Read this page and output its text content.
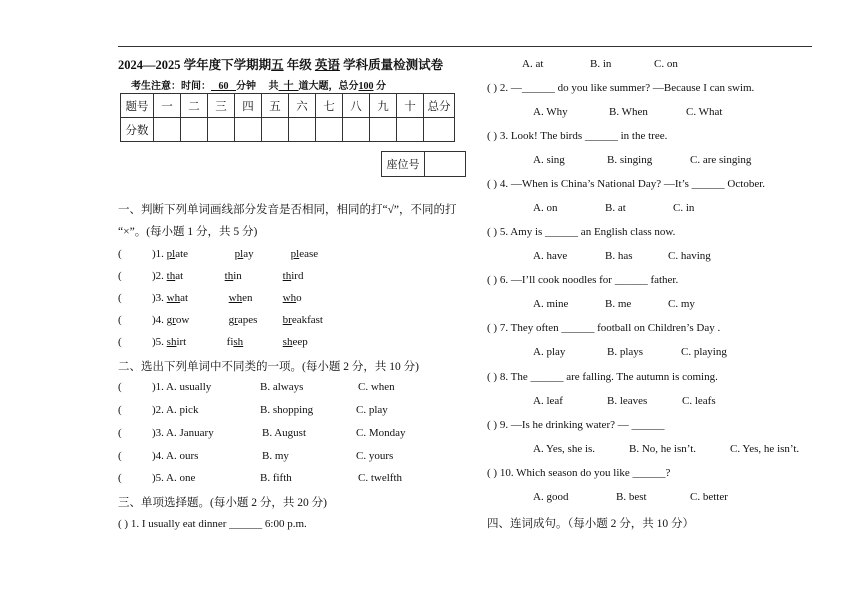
2024—2025 学年度下学期期五 年级 英语 学科质量检测试卷
考生注意：时间： 60 分钟 共 十 道大题，总分100 分
题号	一	二	三	四	五	六	七	八	九	十	总分
分数											
座位号	
一、判断下列单词画线部分发音是否相同，相同的打“√”，不同的打
“×”。(每小题 1 分，共 5 分)
(	)1. plate	play	please
(	)2. that	thin	third
(	)3. what	when	who
(	)4. grow	grapes breakfast
(	)5. shirt	fish	sheep
二、选出下列单词中不同类的一项。(每小题 2 分，共 10 分)
(	)1. A. usually	B. always	C. when
(	)2. A. pick	B. shopping	C. play
(	)3. A. January	B. August	C. Monday
(	)4. A. ours	B. my	C. yours
(	)5. A. one	B. fifth	C. twelfth
三、单项选择题。(每小题 2 分，共 20 分)
( ) 1. I usually eat dinner ______ 6:00 p.m.
A. at	B. in	C. on
( ) 2. —______ do you like summer? —Because I can swim.
A. Why	B. When	C. What
( ) 3. Look! The birds ______ in the tree.
A. sing	B. singing	C. are singing
( ) 4. —When is China’s National Day? —It’s ______ October.
A. on	B. at	C. in
( ) 5. Amy is ______ an English class now.
A. have	B. has	C. having
( ) 6. —I’ll cook noodles for ______ father.
A. mine	B. me	C. my
( ) 7. They often ______ football on Children’s Day .
A. play	B. plays	C. playing
( ) 8. The ______ are falling. The autumn is coming.
A. leaf	B. leaves	C. leafs
( ) 9. —Is he drinking water? — ______
A. Yes, she is.	B. No, he isn’t.	C. Yes, he isn’t.
( ) 10. Which season do you like ______?
A. good	B. best	C. better
四、连词成句。（每小题 2 分，共 10 分）
